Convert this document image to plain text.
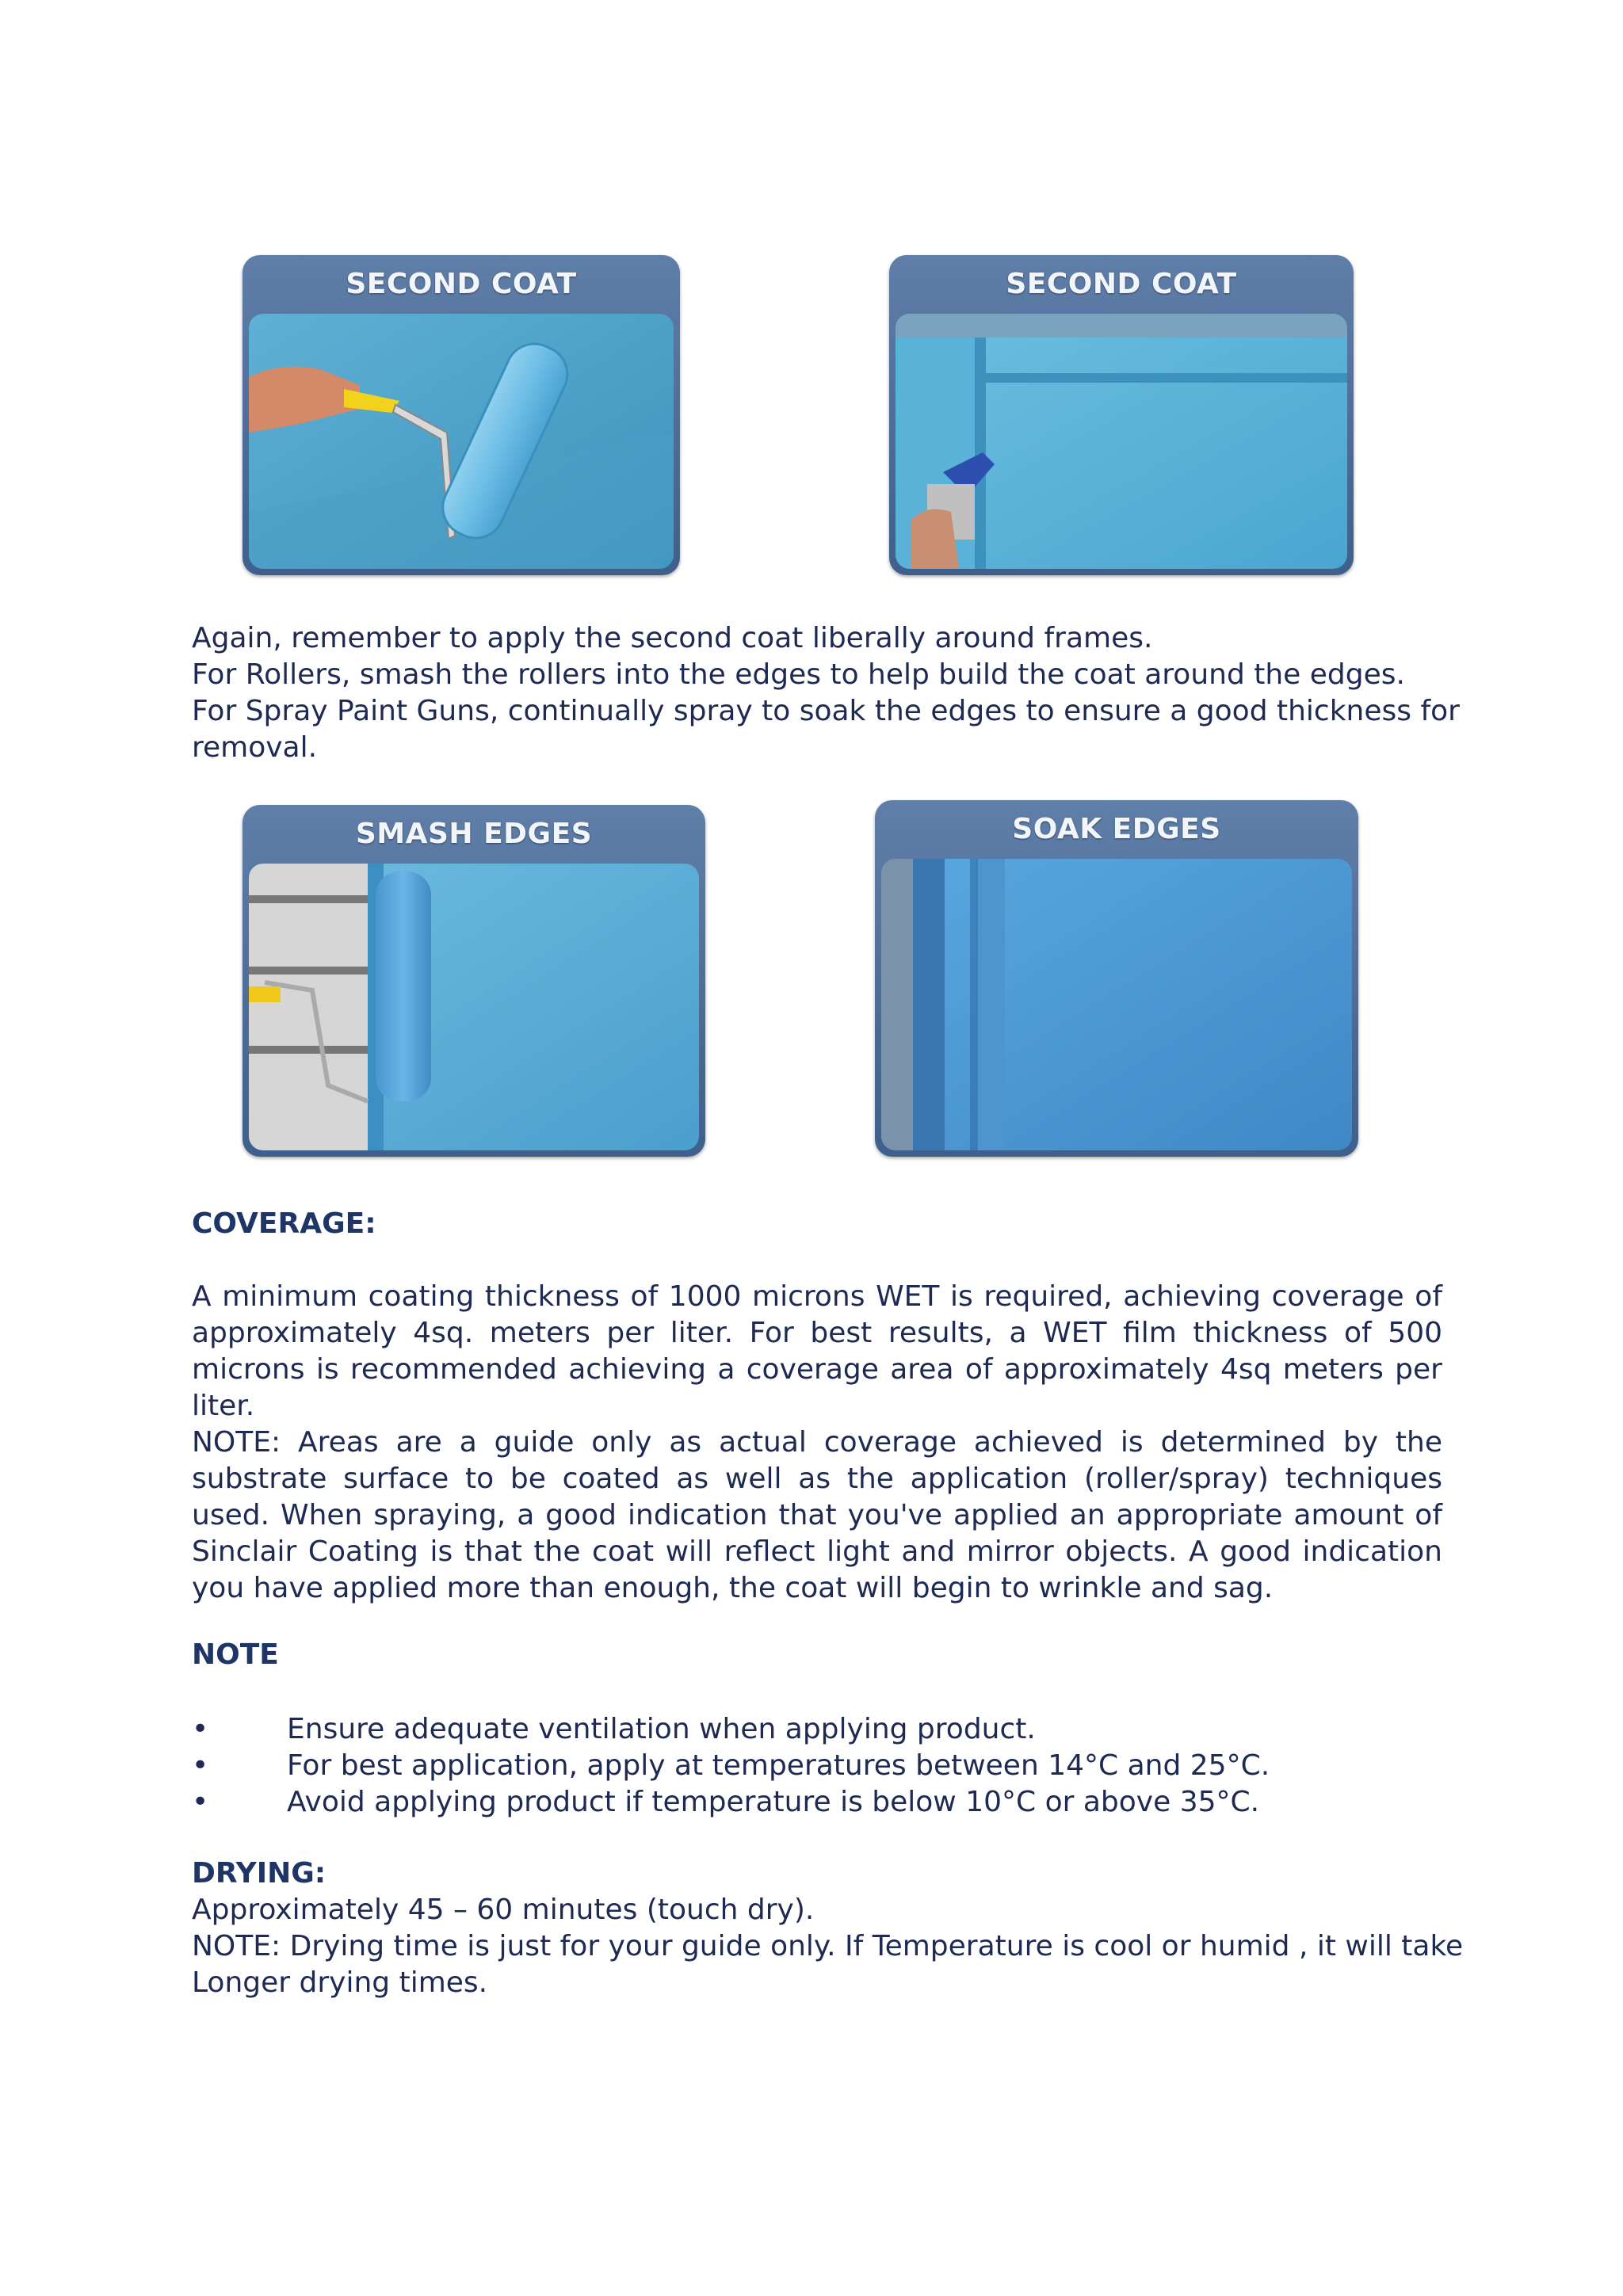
SECOND COAT	SECOND COAT
Again, remember to apply the second coat liberally around frames.
For Rollers, smash the rollers into the edges to help build the coat around the edges.
For Spray Paint Guns, continually spray to soak the edges to ensure a good thickness for
removal.
SMASH EDGES	SOAK EDGES
COVERAGE:
A minimum coating thickness of 1000 microns WET is required, achieving coverage of approximately 4sq. meters per liter. For best results, a WET film thickness of 500 microns is recommended achieving a coverage area of approximately 4sq meters per liter.
NOTE: Areas are a guide only as actual coverage achieved is determined by the substrate surface to be coated as well as the application (roller/spray) techniques used. When spraying, a good indication that you've applied an appropriate amount of Sinclair Coating is that the coat will reflect light and mirror objects. A good indication you have applied more than enough, the coat will begin to wrinkle and sag.
NOTE
•	Ensure adequate ventilation when applying product.
•	For best application, apply at temperatures between 14°C and 25°C.
•	Avoid applying product if temperature is below 10°C or above 35°C.
DRYING:
Approximately 45 – 60 minutes (touch dry).
NOTE: Drying time is just for your guide only. If Temperature is cool or humid , it will take
Longer drying times.
